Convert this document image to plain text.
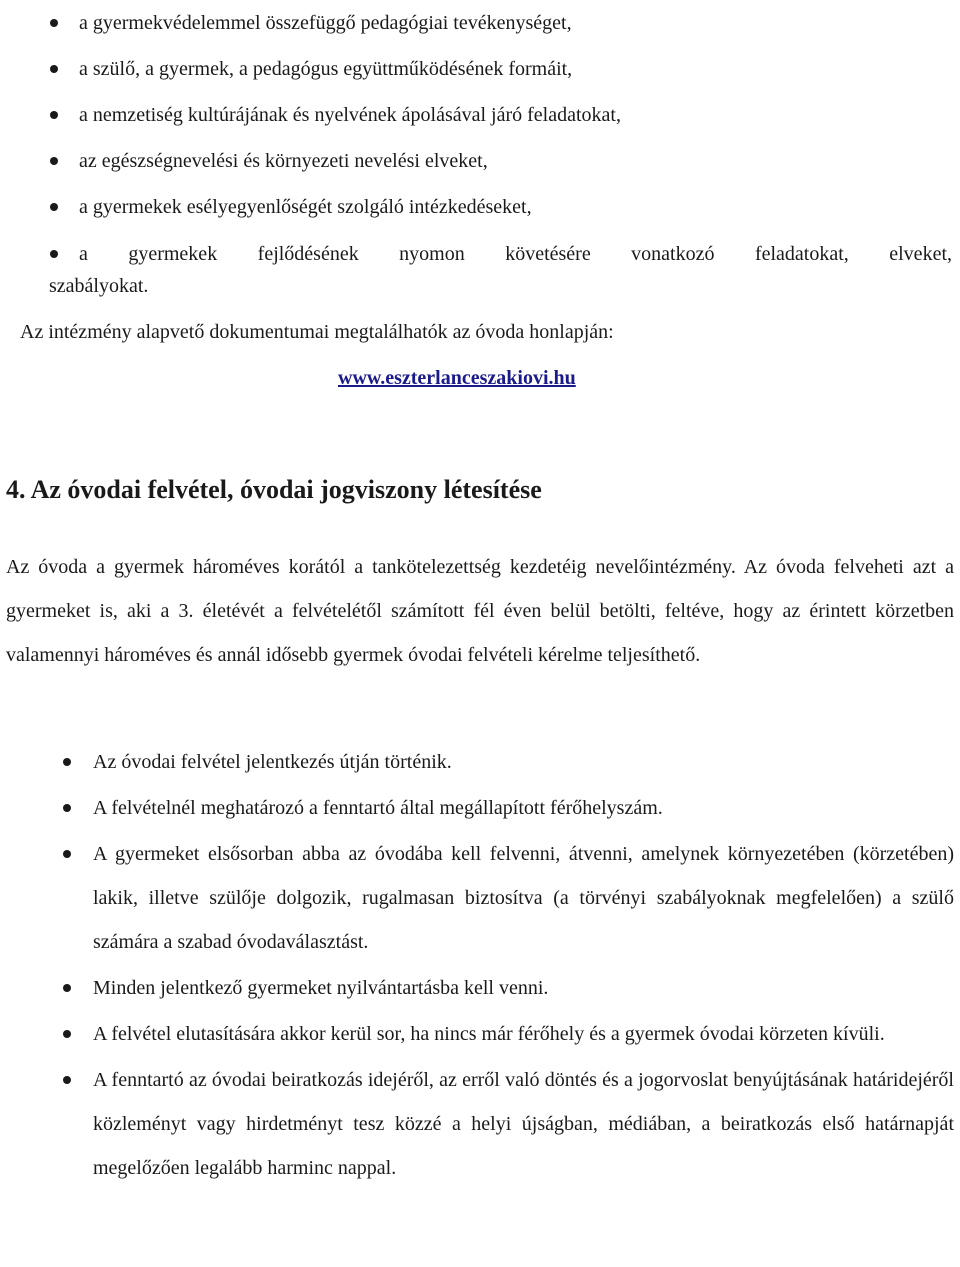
a gyermekvédelemmel összefüggő pedagógiai tevékenységet,
a szülő, a gyermek, a pedagógus együttműködésének formáit,
a nemzetiség kultúrájának és nyelvének ápolásával járó feladatokat,
az egészségnevelési és környezeti nevelési elveket,
a gyermekek esélyegyenlőségét szolgáló intézkedéseket,
a gyermekek fejlődésének nyomon követésére vonatkozó feladatokat, elveket,
szabályokat.
Az intézmény alapvető dokumentumai megtalálhatók az óvoda honlapján:
www.eszterlanceszakiovi.hu
4. Az óvodai felvétel, óvodai jogviszony létesítése

Az óvoda a gyermek hároméves korától a tankötelezettség kezdetéig nevelőintézmény. Az óvoda felveheti azt a gyermeket is, aki a 3. életévét a felvételétől számított fél éven belül betölti, feltéve, hogy az érintett körzetben valamennyi hároméves és annál idősebb gyermek óvodai felvételi kérelme teljesíthető.

Az óvodai felvétel jelentkezés útján történik.
A felvételnél meghatározó a fenntartó által megállapított férőhelyszám.
A gyermeket elsősorban abba az óvodába kell felvenni, átvenni, amelynek környezetében (körzetében) lakik, illetve szülője dolgozik, rugalmasan biztosítva (a törvényi szabályoknak megfelelően) a szülő számára a szabad óvodaválasztást.
Minden jelentkező gyermeket nyilvántartásba kell venni.
A felvétel elutasítására akkor kerül sor, ha nincs már férőhely és a gyermek óvodai körzeten kívüli.
A fenntartó az óvodai beiratkozás idejéről, az erről való döntés és a jogorvoslat benyújtásának határidejéről közleményt vagy hirdetményt tesz közzé a helyi újságban, médiában, a beiratkozás első határnapját megelőzően legalább harminc nappal.
